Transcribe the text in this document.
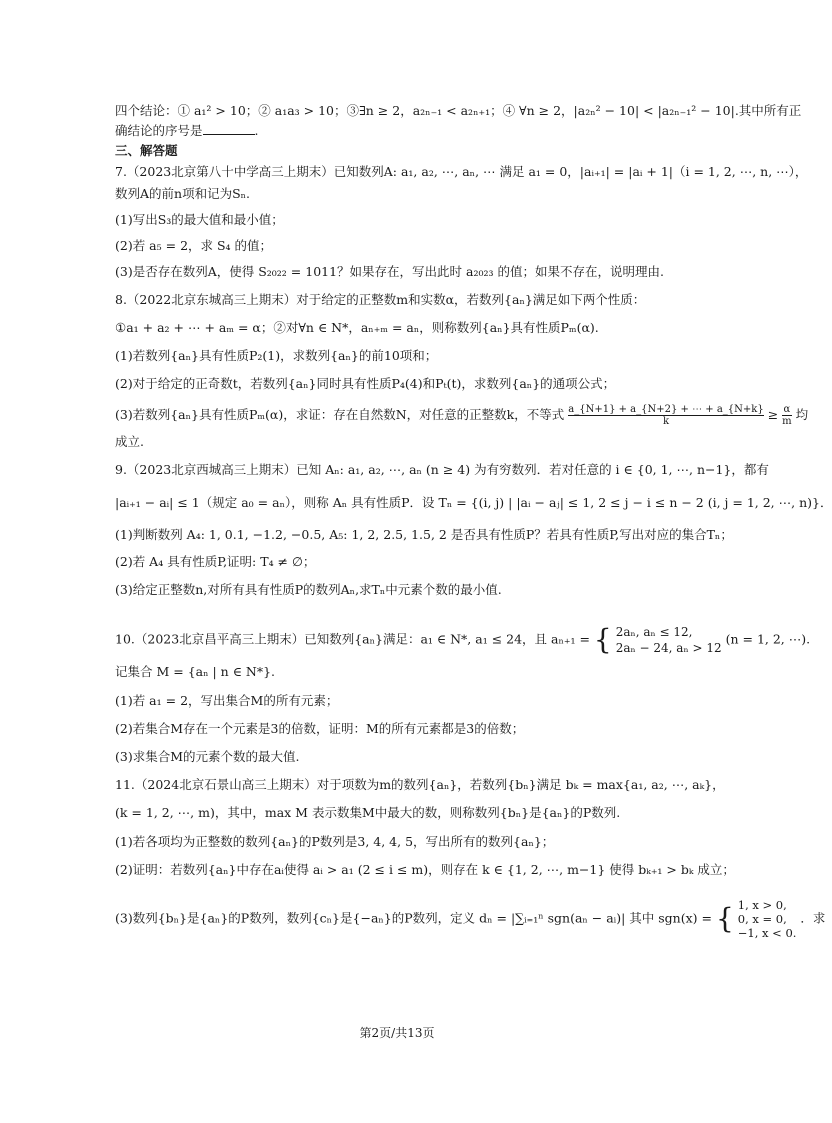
四个结论：① a₁² > 10；② a₁a₃ > 10；③∃n ≥ 2，a₂ₙ₋₁ < a₂ₙ₊₁；④ ∀n ≥ 2，|a₂ₙ² − 10| < |a₂ₙ₋₁² − 10|.其中所有正
确结论的序号是	.
三、解答题
7.（2023北京第八十中学高三上期末）已知数列A: a₁, a₂, ⋯, aₙ, ⋯ 满足 a₁ = 0，|aᵢ₊₁| = |aᵢ + 1|（i = 1, 2, ⋯, n, ⋯），
数列A的前n项和记为Sₙ.
(1)写出S₃的最大值和最小值；
(2)若 a₅ = 2，求 S₄ 的值；
(3)是否存在数列A，使得 S₂₀₂₂ = 1011？如果存在，写出此时 a₂₀₂₃ 的值；如果不存在，说明理由.
8.（2022北京东城高三上期末）对于给定的正整数m和实数α，若数列{aₙ}满足如下两个性质：
①a₁ + a₂ + ⋯ + aₘ = α；②对∀n ∈ N*，aₙ₊ₘ = aₙ，则称数列{aₙ}具有性质Pₘ(α).
(1)若数列{aₙ}具有性质P₂(1)，求数列{aₙ}的前10项和；
(2)对于给定的正奇数t，若数列{aₙ}同时具有性质P₄(4)和Pₜ(t)，求数列{aₙ}的通项公式；
(3)若数列{aₙ}具有性质Pₘ(α)，求证：存在自然数N，对任意的正整数k，不等式 $\frac{a\_\{N+1\} + a\_\{N+2\} + \cdots + a\_\{N+k\}}{k} \ge \frac{\alpha}{m}$ 均
成立.
9.（2023北京西城高三上期末）已知 Aₙ: a₁, a₂, ⋯, aₙ (n ≥ 4) 为有穷数列．若对任意的 i ∈ {0, 1, ⋯, n−1}，都有
|aᵢ₊₁ − aᵢ| ≤ 1（规定 a₀ = aₙ），则称 Aₙ 具有性质P．设 Tₙ = {(i, j) | |aᵢ − aⱼ| ≤ 1, 2 ≤ j − i ≤ n − 2 (i, j = 1, 2, ⋯, n)}．
(1)判断数列 A₄: 1, 0.1, −1.2, −0.5, A₅: 1, 2, 2.5, 1.5, 2 是否具有性质P？若具有性质P,写出对应的集合Tₙ；
(2)若 A₄ 具有性质P,证明: T₄ ≠ ∅；
(3)给定正整数n,对所有具有性质P的数列Aₙ,求Tₙ中元素个数的最小值.
10.（2023北京昌平高三上期末）已知数列{aₙ}满足：a₁ ∈ N*, a₁ ≤ 24，且 aₙ₊₁ = { 2aₙ, aₙ ≤ 12,
2aₙ − 24, aₙ > 12
(n = 1, 2, ⋯).
记集合 M = {aₙ | n ∈ N*}.
(1)若 a₁ = 2，写出集合M的所有元素；
(2)若集合M存在一个元素是3的倍数，证明：M的所有元素都是3的倍数；
(3)求集合M的元素个数的最大值.
11.（2024北京石景山高三上期末）对于项数为m的数列{aₙ}，若数列{bₙ}满足 bₖ = max{a₁, a₂, ⋯, aₖ}，
(k = 1, 2, ⋯, m)，其中，max M 表示数集M中最大的数，则称数列{bₙ}是{aₙ}的P数列.
(1)若各项均为正整数的数列{aₙ}的P数列是3, 4, 4, 5，写出所有的数列{aₙ}；
(2)证明：若数列{aₙ}中存在aᵢ使得 aᵢ > a₁ (2 ≤ i ≤ m)，则存在 k ∈ {1, 2, ⋯, m−1} 使得 bₖ₊₁ > bₖ 成立；
(3)数列{bₙ}是{aₙ}的P数列，数列{cₙ}是{−aₙ}的P数列，定义 dₙ = |∑ᵢ₌₁ⁿ sgn(aₙ − aᵢ)| 其中 sgn(x) = { 1, x > 0,
0, x = 0,
−1, x < 0.
．求
第2页/共13页
